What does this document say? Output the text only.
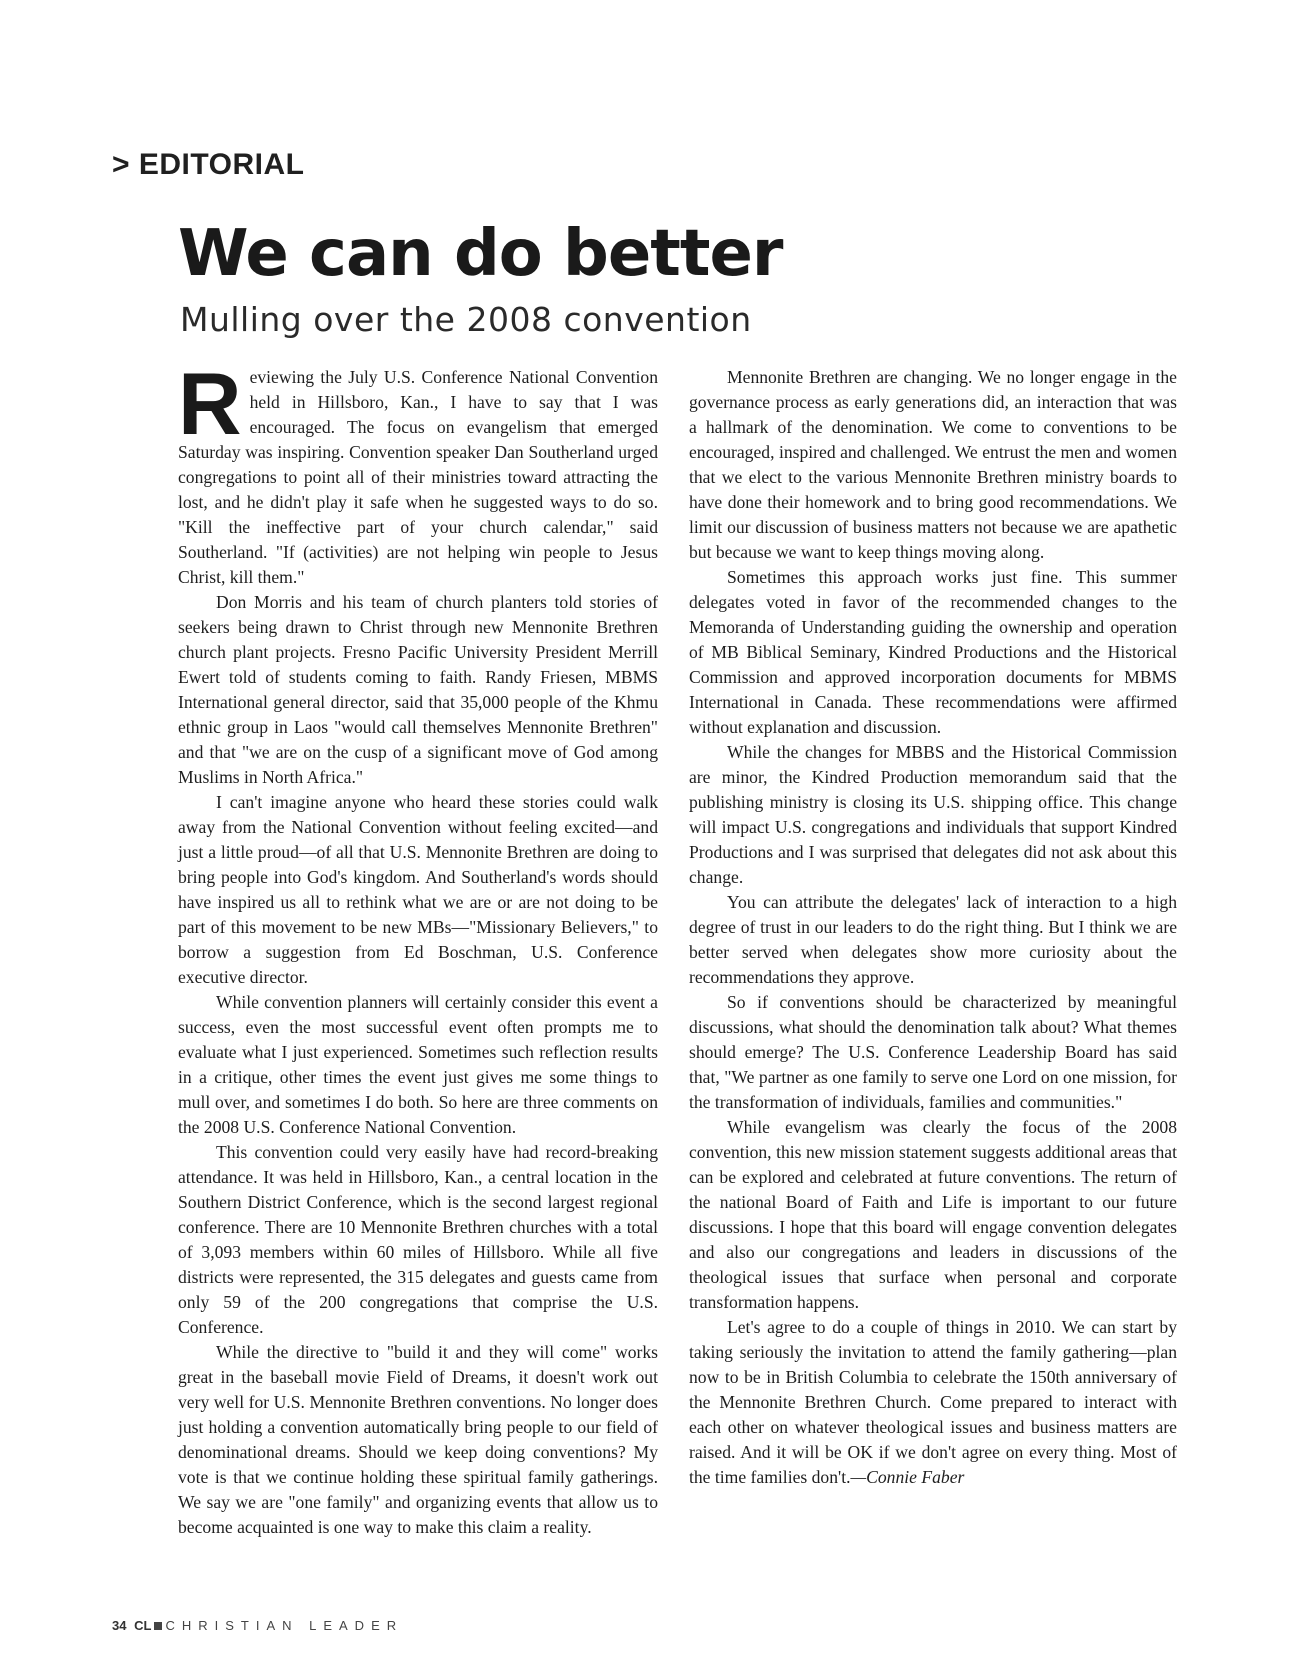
> EDITORIAL
We can do better
Mulling over the 2008 convention

Reviewing the July U.S. Conference National Convention held in Hillsboro, Kan., I have to say that I was encouraged. The focus on evangelism that emerged Saturday was inspiring. Convention speaker Dan Southerland urged congregations to point all of their ministries toward attracting the lost, and he didn't play it safe when he suggested ways to do so. "Kill the ineffective part of your church calendar," said Southerland. "If (activities) are not helping win people to Jesus Christ, kill them."

Don Morris and his team of church planters told stories of seekers being drawn to Christ through new Mennonite Brethren church plant projects. Fresno Pacific University President Merrill Ewert told of students coming to faith. Randy Friesen, MBMS International general director, said that 35,000 people of the Khmu ethnic group in Laos "would call themselves Mennonite Brethren" and that "we are on the cusp of a significant move of God among Muslims in North Africa."

I can't imagine anyone who heard these stories could walk away from the National Convention without feeling excited—and just a little proud—of all that U.S. Mennonite Brethren are doing to bring people into God's kingdom. And Southerland's words should have inspired us all to rethink what we are or are not doing to be part of this movement to be new MBs—"Missionary Believers," to borrow a suggestion from Ed Boschman, U.S. Conference executive director.

While convention planners will certainly consider this event a success, even the most successful event often prompts me to evaluate what I just experienced. Sometimes such reflection results in a critique, other times the event just gives me some things to mull over, and sometimes I do both. So here are three comments on the 2008 U.S. Conference National Convention.

This convention could very easily have had record-breaking attendance. It was held in Hillsboro, Kan., a central location in the Southern District Conference, which is the second largest regional conference. There are 10 Mennonite Brethren churches with a total of 3,093 members within 60 miles of Hillsboro. While all five districts were represented, the 315 delegates and guests came from only 59 of the 200 congregations that comprise the U.S. Conference.

While the directive to "build it and they will come" works great in the baseball movie Field of Dreams, it doesn't work out very well for U.S. Mennonite Brethren conventions. No longer does just holding a convention automatically bring people to our field of denominational dreams. Should we keep doing conventions? My vote is that we continue holding these spiritual family gatherings. We say we are "one family" and organizing events that allow us to become acquainted is one way to make this claim a reality.

Mennonite Brethren are changing. We no longer engage in the governance process as early generations did, an interaction that was a hallmark of the denomination. We come to conventions to be encouraged, inspired and challenged. We entrust the men and women that we elect to the various Mennonite Brethren ministry boards to have done their homework and to bring good recommendations. We limit our discussion of business matters not because we are apathetic but because we want to keep things moving along.

Sometimes this approach works just fine. This summer delegates voted in favor of the recommended changes to the Memoranda of Understanding guiding the ownership and operation of MB Biblical Seminary, Kindred Productions and the Historical Commission and approved incorporation documents for MBMS International in Canada. These recommendations were affirmed without explanation and discussion.

While the changes for MBBS and the Historical Commission are minor, the Kindred Production memorandum said that the publishing ministry is closing its U.S. shipping office. This change will impact U.S. congregations and individuals that support Kindred Productions and I was surprised that delegates did not ask about this change.

You can attribute the delegates' lack of interaction to a high degree of trust in our leaders to do the right thing. But I think we are better served when delegates show more curiosity about the recommendations they approve.

So if conventions should be characterized by meaningful discussions, what should the denomination talk about? What themes should emerge? The U.S. Conference Leadership Board has said that, "We partner as one family to serve one Lord on one mission, for the transformation of individuals, families and communities."

While evangelism was clearly the focus of the 2008 convention, this new mission statement suggests additional areas that can be explored and celebrated at future conventions. The return of the national Board of Faith and Life is important to our future discussions. I hope that this board will engage convention delegates and also our congregations and leaders in discussions of the theological issues that surface when personal and corporate transformation happens.

Let's agree to do a couple of things in 2010. We can start by taking seriously the invitation to attend the family gathering—plan now to be in British Columbia to celebrate the 150th anniversary of the Mennonite Brethren Church. Come prepared to interact with each other on whatever theological issues and business matters are raised. And it will be OK if we don't agree on every thing. Most of the time families don't.—Connie Faber

34 CL CHRISTIAN LEADER
